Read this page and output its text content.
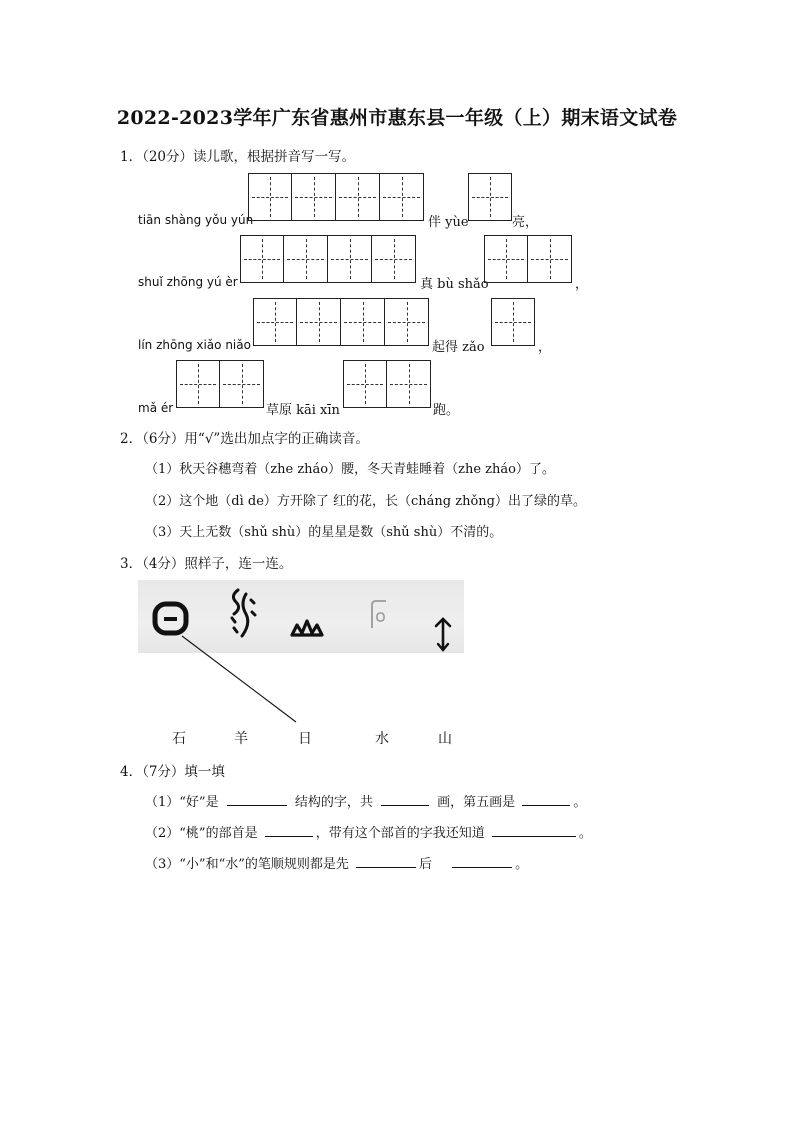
2022-2023学年广东省惠州市惠东县一年级（上）期末语文试卷
1．（20分）读儿歌，根据拼音写一写。
tiān shàng yǒu yún	伴 yùe	亮，
shuǐ zhōng yú èr	真 bù shǎo	，
lín zhōng xiǎo niǎo	起得 zǎo	，
mǎ ér	草原 kāi xīn	跑。
2．（6分）用“√”选出加点字的正确读音。
（1）秋天谷穗弯着（zhe zháo）腰，冬天青蛙睡着（zhe zháo）了。
（2）这个地（dì de）方开除了 红的花，长（cháng zhǒng）出了绿的草。
（3）天上无数（shǔ shù）的星星是数（shǔ shù）不清的。
3．（4分）照样子，连一连。
石	羊	日	水	山
4．（7分）填一填
（1）“好”是	结构的字，共	画，第五画是	。
（2）“桃”的部首是	，带有这个部首的字我还知道	。
（3）“小”和“水”的笔顺规则都是先	后	。
